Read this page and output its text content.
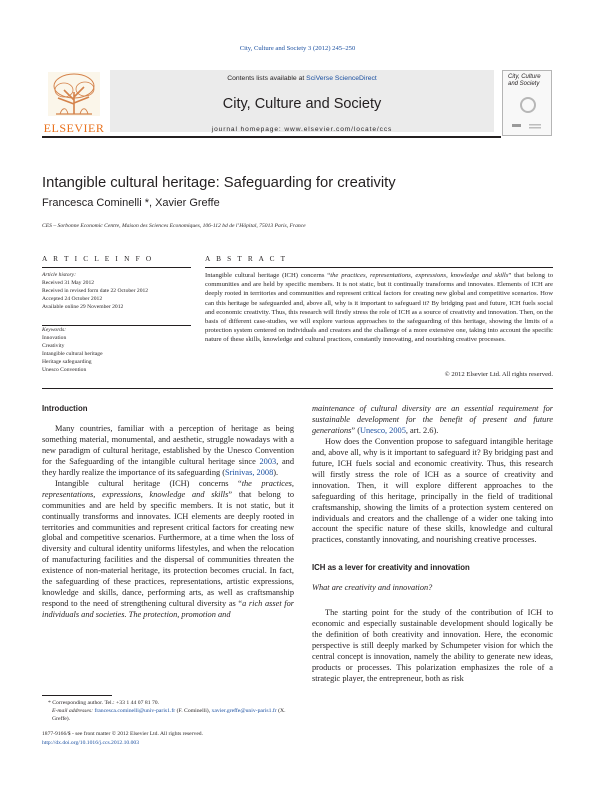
City, Culture and Society 3 (2012) 245–250
ELSEVIER
Contents lists available at SciVerse ScienceDirect
City, Culture and Society
journal homepage: www.elsevier.com/locate/ccs
City, Culture and Society
Intangible cultural heritage: Safeguarding for creativity
Francesca Cominelli *, Xavier Greffe
CES – Sorbonne Economic Centre, Maison des Sciences Economiques, 106-112 bd de l’Hôpital, 75013 Paris, France
A R T I C L E I N F O	A B S T R A C T
Article history:
Received 31 May 2012
Received in revised form date 22 October 2012
Accepted 24 October 2012
Available online 29 November 2012
Keywords:
Innovation
Creativity
Intangible cultural heritage
Heritage safeguarding
Unesco Convention
Intangible cultural heritage (ICH) concerns “the practices, representations, expressions, knowledge and skills” that belong to communities and are held by specific members. It is not static, but it continually transforms and innovates. Elements of ICH are deeply rooted in territories and communities and represent critical factors for creating new global and competitive scenarios. How can this heritage be safeguarded and, above all, why is it important to safeguard it? By bridging past and future, ICH fuels social and economic creativity. Thus, this research will firstly stress the role of ICH as a source of creativity and innovation. Then, on the basis of different case-studies, we will explore various approaches to the safeguarding of this heritage, showing the limits of a protection system centered on individuals and creators and the challenge of a more extensive one, taking into account the specific nature of these skills, knowledge and cultural practices, constantly innovating, and nourishing creative processes.
© 2012 Elsevier Ltd. All rights reserved.
Introduction

Many countries, familiar with a perception of heritage as being something material, monumental, and aesthetic, struggle nowadays with a new paradigm of cultural heritage, established by the Unesco Convention for the Safeguarding of the intangible cultural heritage since 2003, and they hardly realize the importance of its safeguarding (Srinivas, 2008).

Intangible cultural heritage (ICH) concerns “the practices, representations, expressions, knowledge and skills” that belong to communities and are held by specific members. It is not static, but it continually transforms and innovates. ICH elements are deeply rooted in territories and communities and represent critical factors for creating new global and competitive scenarios. Furthermore, at a time when the loss of diversity and cultural identity uniforms lifestyles, and when the relocation of manufacturing facilities and the dispersal of communities threaten the existence of non-material heritage, its protection becomes crucial. In fact, the safeguarding of these practices, representations, artistic expressions, knowledge and skills, dance, performing arts, as well as craftsmanship respond to the need of strengthening cultural diversity as “a rich asset for individuals and societies. The protection, promotion and

maintenance of cultural diversity are an essential requirement for sustainable development for the benefit of present and future generations” (Unesco, 2005, art. 2.6).

How does the Convention propose to safeguard intangible heritage and, above all, why is it important to safeguard it? By bridging past and future, ICH fuels social and economic creativity. Thus, this research will firstly stress the role of ICH as a source of creativity and innovation. Then, it will explore different approaches to the safeguarding of this heritage, principally in the field of traditional craftsmanship, showing the limits of a protection system centered on individuals and creators and the challenge of a wider one taking into account the specific nature of these skills, knowledge and cultural practices, constantly innovating, and nourishing creative processes.

ICH as a lever for creativity and innovation
What are creativity and innovation?

The starting point for the study of the contribution of ICH to economic and especially sustainable development should logically be the definition of both creativity and innovation. Here, the economic perspective is still deeply marked by Schumpeter vision for which the central concept is innovation, namely the ability to generate new ideas, products or processes. This polarization emphasizes the role of a strategic player, the entrepreneur, both as risk

* Corresponding author. Tel.: +33 1 44 07 81 70.
E-mail addresses: francesca.cominelli@univ-paris1.fr (F. Cominelli), xavier.greffe@univ-paris1.fr (X. Greffe).
1877-9166/$ - see front matter © 2012 Elsevier Ltd. All rights reserved.
http://dx.doi.org/10.1016/j.ccs.2012.10.003
